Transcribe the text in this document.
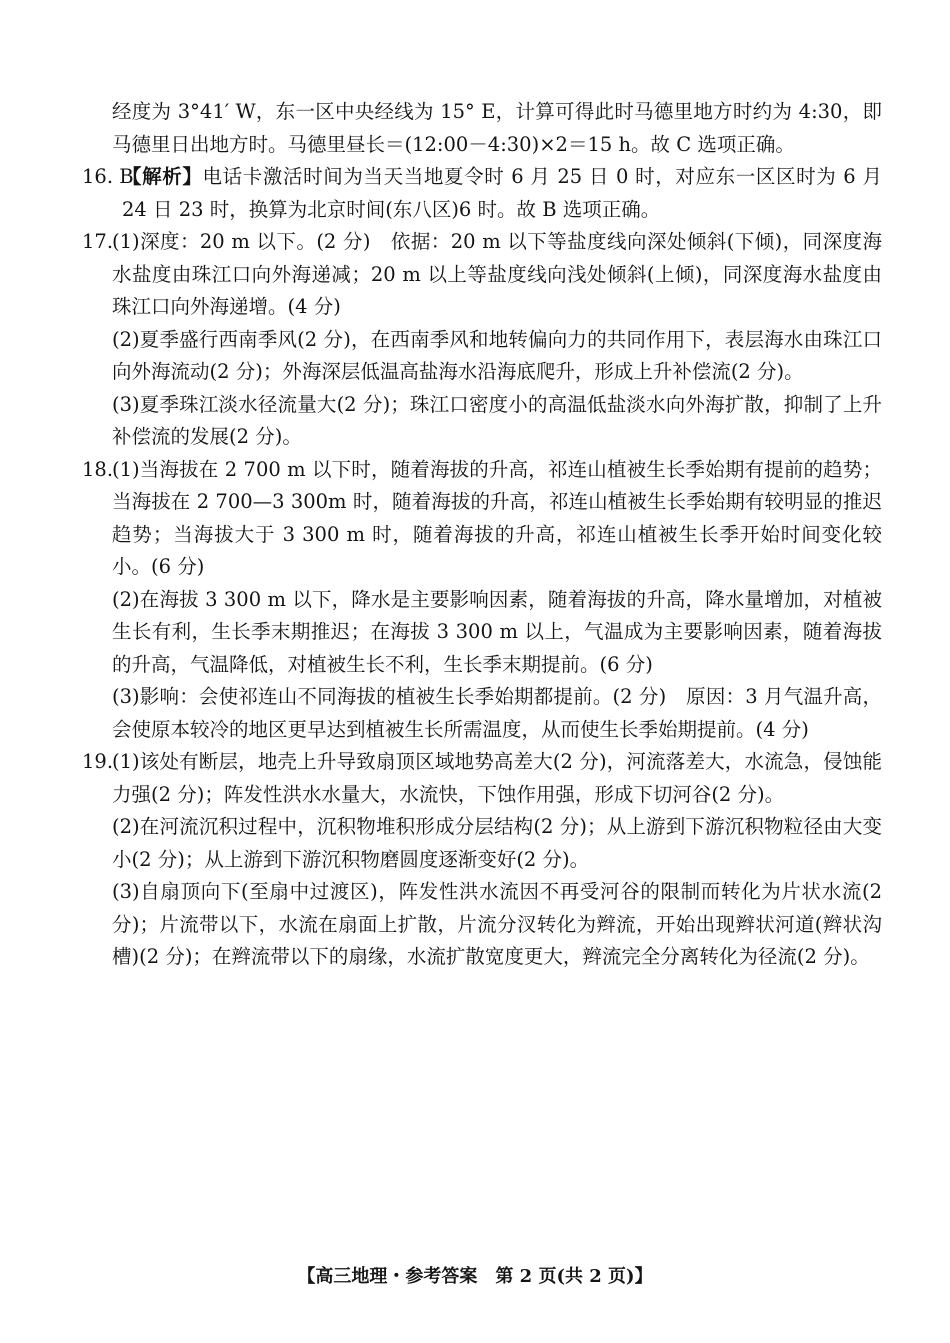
经度为 3°41′ W，东一区中央经线为 15° E，计算可得此时马德里地方时约为 4:30，即马德里日出地方时。马德里昼长＝(12:00－4:30)×2＝15 h。故 C 选项正确。

16. B

【解析】电话卡激活时间为当天当地夏令时 6 月 25 日 0 时，对应东一区区时为 6 月 24 日 23 时，换算为北京时间(东八区)6 时。故 B 选项正确。

17.

(1)深度：20 m 以下。(2 分)　依据：20 m 以下等盐度线向深处倾斜(下倾)，同深度海水盐度由珠江口向外海递减；20 m 以上等盐度线向浅处倾斜(上倾)，同深度海水盐度由珠江口向外海递增。(4 分)

(2)夏季盛行西南季风(2 分)，在西南季风和地转偏向力的共同作用下，表层海水由珠江口向外海流动(2 分)；外海深层低温高盐海水沿海底爬升，形成上升补偿流(2 分)。

(3)夏季珠江淡水径流量大(2 分)；珠江口密度小的高温低盐淡水向外海扩散，抑制了上升补偿流的发展(2 分)。

18.

(1)当海拔在 2 700 m 以下时，随着海拔的升高，祁连山植被生长季始期有提前的趋势；当海拔在 2 700—3 300m 时，随着海拔的升高，祁连山植被生长季始期有较明显的推迟趋势；当海拔大于 3 300 m 时，随着海拔的升高，祁连山植被生长季开始时间变化较小。(6 分)

(2)在海拔 3 300 m 以下，降水是主要影响因素，随着海拔的升高，降水量增加，对植被生长有利，生长季末期推迟；在海拔 3 300 m 以上，气温成为主要影响因素，随着海拔的升高，气温降低，对植被生长不利，生长季末期提前。(6 分)

(3)影响：会使祁连山不同海拔的植被生长季始期都提前。(2 分)　原因：3 月气温升高，会使原本较冷的地区更早达到植被生长所需温度，从而使生长季始期提前。(4 分)

19.

(1)该处有断层，地壳上升导致扇顶区域地势高差大(2 分)，河流落差大，水流急，侵蚀能力强(2 分)；阵发性洪水水量大，水流快，下蚀作用强，形成下切河谷(2 分)。

(2)在河流沉积过程中，沉积物堆积形成分层结构(2 分)；从上游到下游沉积物粒径由大变小(2 分)；从上游到下游沉积物磨圆度逐渐变好(2 分)。

(3)自扇顶向下(至扇中过渡区)，阵发性洪水流因不再受河谷的限制而转化为片状水流(2 分)；片流带以下，水流在扇面上扩散，片流分汊转化为辫流，开始出现辫状河道(辫状沟槽)(2 分)；在辫流带以下的扇缘，水流扩散宽度更大，辫流完全分离转化为径流(2 分)。

【高三地理・参考答案　第 2 页(共 2 页)】
